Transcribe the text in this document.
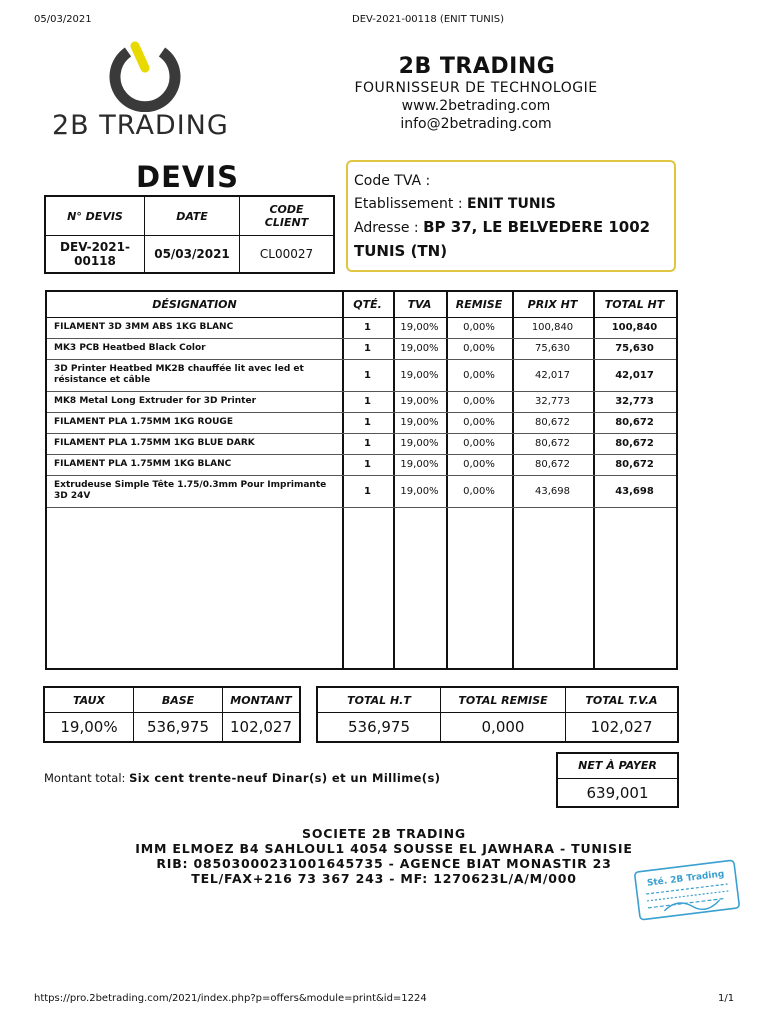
05/03/2021	DEV-2021-00118 (ENIT TUNIS)
2B TRADING
2B TRADING
FOURNISSEUR DE TECHNOLOGIE
www.2betrading.com
info@2betrading.com
DEVIS
N° DEVIS	DATE	CODE CLIENT

DEV-2021-00118	05/03/2021	CL00027
Code TVA :
Etablissement : ENIT TUNIS
Adresse : BP 37, LE BELVEDERE 1002 TUNIS (TN)
DÉSIGNATION	QTÉ.	TVA	REMISE	PRIX HT	TOTAL HT
FILAMENT 3D 3MM ABS 1KG BLANC	1	19,00%	0,00%	100,840	100,840
MK3 PCB Heatbed Black Color	1	19,00%	0,00%	75,630	75,630
3D Printer Heatbed MK2B chauffée lit avec led et résistance et câble	1	19,00%	0,00%	42,017	42,017
MK8 Metal Long Extruder for 3D Printer	1	19,00%	0,00%	32,773	32,773
FILAMENT PLA 1.75MM 1KG ROUGE	1	19,00%	0,00%	80,672	80,672
FILAMENT PLA 1.75MM 1KG BLUE DARK	1	19,00%	0,00%	80,672	80,672
FILAMENT PLA 1.75MM 1KG BLANC	1	19,00%	0,00%	80,672	80,672
Extrudeuse Simple Tête 1.75/0.3mm Pour Imprimante 3D 24V	1	19,00%	0,00%	43,698	43,698
TAUX	BASE	MONTANT
19,00%	536,975	102,027
TOTAL H.T	TOTAL REMISE	TOTAL T.V.A
536,975	0,000	102,027
NET À PAYER
639,001
Montant total: Six cent trente-neuf Dinar(s) et un Millime(s)
SOCIETE 2B TRADING
IMM ELMOEZ B4 SAHLOUL1 4054 SOUSSE EL JAWHARA - TUNISIE
RIB: 08503000231001645735 - AGENCE BIAT MONASTIR 23
TEL/FAX+216 73 367 243 - MF: 1270623L/A/M/000	Sté. 2B Trading
https://pro.2betrading.com/2021/index.php?p=offers&module=print&id=1224	1/1
